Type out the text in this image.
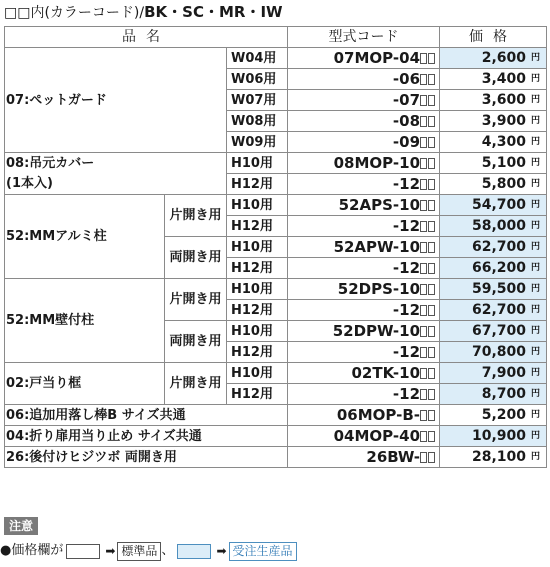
□□内(カラーコード)/BK・SC・MR・IW
品名			型式コード	価格
07:ペットガード		W04用	07MOP-04	2,600 円

		W06用	-06	3,400 円

		W07用	-07	3,600 円

		W08用	-08	3,900 円

		W09用	-09	4,300 円

08:吊元カバー		H10用	08MOP-10	5,100 円

(1本入)		H12用	-12	5,800 円

52:MMアルミ柱	片開き用	H10用	52APS-10	54,700 円

		H12用	-12	58,000 円

	両開き用	H10用	52APW-10	62,700 円

		H12用	-12	66,200 円

52:MM壁付柱	片開き用	H10用	52DPS-10	59,500 円

		H12用	-12	62,700 円

	両開き用	H10用	52DPW-10	67,700 円

		H12用	-12	70,800 円

02:戸当り框	片開き用	H10用	02TK-10	7,900 円

		H12用	-12	8,700 円

06:追加用落し棒B サイズ共通			06MOP-B-	5,200 円

04:折り扉用当り止め サイズ共通			04MOP-40	10,900 円

26:後付けヒジツボ 両開き用			26BW-	28,100 円
注意
●価格欄が	➡ 標準品 、	➡ 受注生産品
